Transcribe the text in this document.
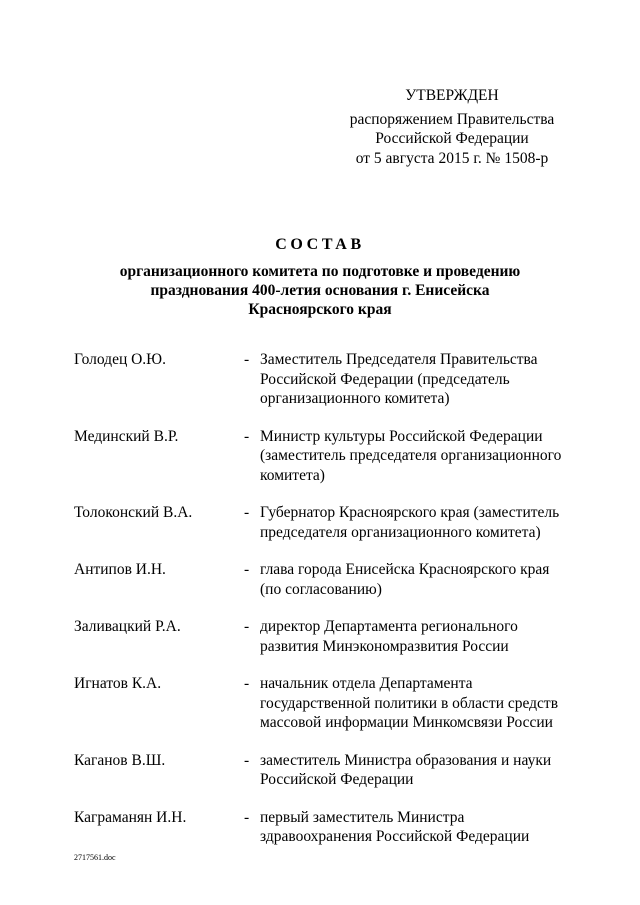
УТВЕРЖДЕН
распоряжением Правительства
Российской Федерации
от 5 августа 2015 г. № 1508-р
СОСТАВ
организационного комитета по подготовке и проведению
празднования 400-летия основания г. Енисейска
Красноярского края
Голодец О.Ю.	- Заместитель Председателя Правительства
Российской Федерации (председатель
организационного комитета)
Мединский В.Р.	- Министр культуры Российской Федерации
(заместитель председателя организационного
комитета)
Толоконский В.А.	- Губернатор Красноярского края (заместитель
председателя организационного комитета)
Антипов И.Н.	- глава города Енисейска Красноярского края
(по согласованию)
Заливацкий Р.А.	- директор Департамента регионального
развития Минэкономразвития России
Игнатов К.А.	- начальник отдела Департамента
государственной политики в области средств
массовой информации Минкомсвязи России
Каганов В.Ш.	- заместитель Министра образования и науки
Российской Федерации
Каграманян И.Н.	- первый заместитель Министра
здравоохранения Российской Федерации
2717561.doc
